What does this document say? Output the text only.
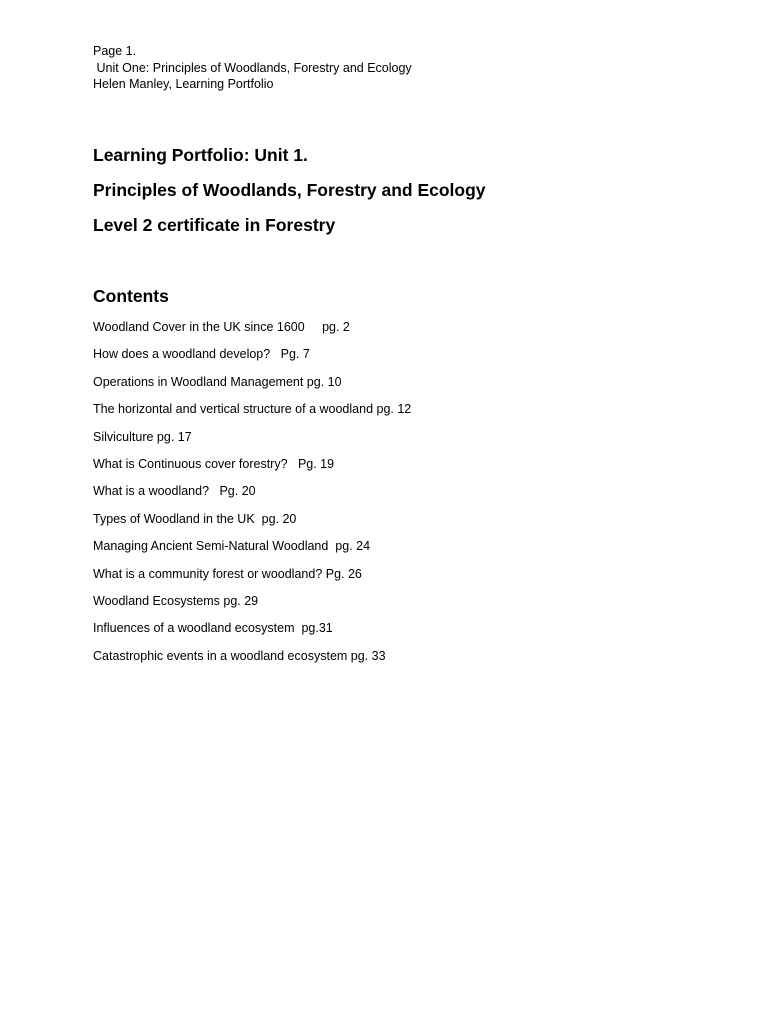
Page 1.
Unit One: Principles of Woodlands, Forestry and Ecology
Helen Manley, Learning Portfolio
Learning Portfolio: Unit 1.
Principles of Woodlands, Forestry and Ecology
Level 2 certificate in Forestry
Contents
Woodland Cover in the UK since 1600     pg. 2
How does a woodland develop?   Pg. 7
Operations in Woodland Management pg. 10
The horizontal and vertical structure of a woodland pg. 12
Silviculture pg. 17
What is Continuous cover forestry?   Pg. 19
What is a woodland?   Pg. 20
Types of Woodland in the UK  pg. 20
Managing Ancient Semi-Natural Woodland  pg. 24
What is a community forest or woodland? Pg. 26
Woodland Ecosystems pg. 29
Influences of a woodland ecosystem  pg.31
Catastrophic events in a woodland ecosystem pg. 33
